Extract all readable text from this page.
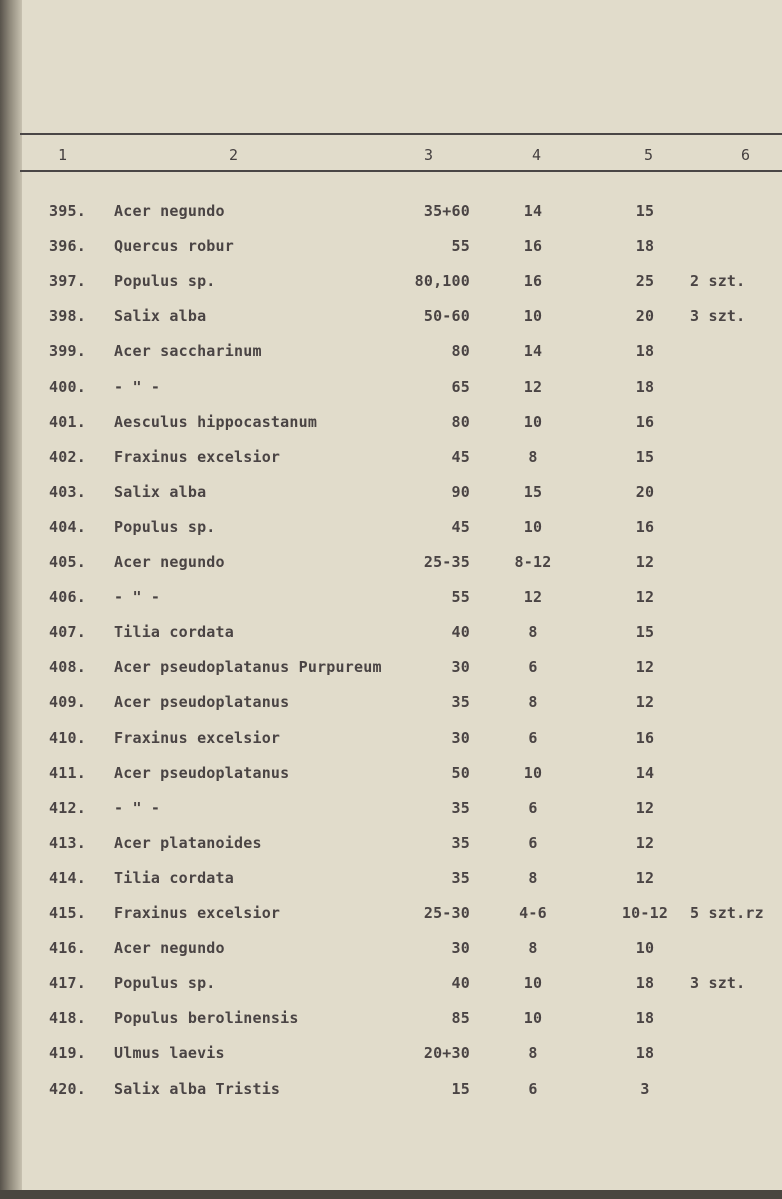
1	2	3	4	5	6
395. Acer negundo	35+60	14	15
396. Quercus robur	55	16	18
397. Populus sp.	80,100	16	25	2 szt.
398. Salix alba	50-60	10	20	3 szt.
399. Acer saccharinum	80	14	18
400. - " -	65	12	18
401. Aesculus hippocastanum	80	10	16
402. Fraxinus excelsior	45	8	15
403. Salix alba	90	15	20
404. Populus sp.	45	10	16
405. Acer negundo	25-35	8-12	12
406. - " -	55	12	12
407. Tilia cordata	40	8	15
408. Acer pseudoplatanus Purpureum	30	6	12
409. Acer pseudoplatanus	35	8	12
410. Fraxinus excelsior	30	6	16
411. Acer pseudoplatanus	50	10	14
412. - " -	35	6	12
413. Acer platanoides	35	6	12
414. Tilia cordata	35	8	12
415. Fraxinus excelsior	25-30	4-6	10-12	5 szt.rz
416. Acer negundo	30	8	10
417. Populus sp.	40	10	18	3 szt.
418. Populus berolinensis	85	10	18
419. Ulmus laevis	20+30	8	18
420. Salix alba Tristis	15	6	3
